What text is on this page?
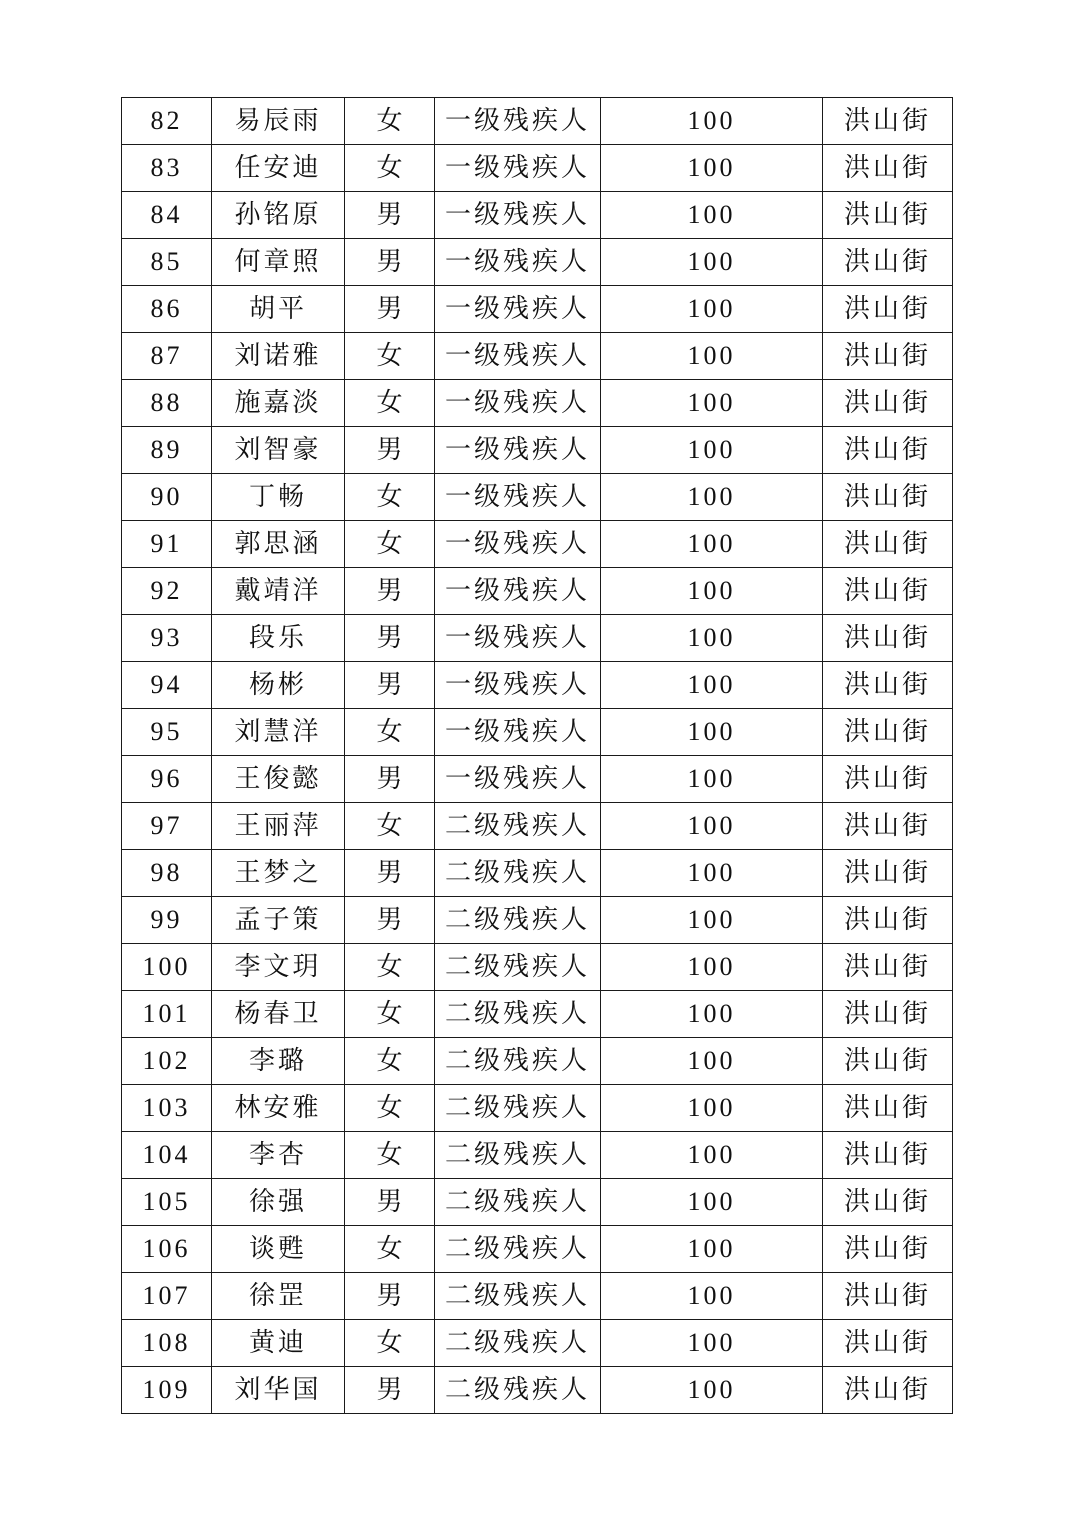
82	易辰雨	女	一级残疾人	100	洪山街
83	任安迪	女	一级残疾人	100	洪山街
84	孙铭原	男	一级残疾人	100	洪山街
85	何章照	男	一级残疾人	100	洪山街
86	胡平	男	一级残疾人	100	洪山街
87	刘诺雅	女	一级残疾人	100	洪山街
88	施嘉淡	女	一级残疾人	100	洪山街
89	刘智豪	男	一级残疾人	100	洪山街
90	丁畅	女	一级残疾人	100	洪山街
91	郭思涵	女	一级残疾人	100	洪山街
92	戴靖洋	男	一级残疾人	100	洪山街
93	段乐	男	一级残疾人	100	洪山街
94	杨彬	男	一级残疾人	100	洪山街
95	刘慧洋	女	一级残疾人	100	洪山街
96	王俊懿	男	一级残疾人	100	洪山街
97	王丽萍	女	二级残疾人	100	洪山街
98	王梦之	男	二级残疾人	100	洪山街
99	孟子策	男	二级残疾人	100	洪山街
100	李文玥	女	二级残疾人	100	洪山街
101	杨春卫	女	二级残疾人	100	洪山街
102	李璐	女	二级残疾人	100	洪山街
103	林安雅	女	二级残疾人	100	洪山街
104	李杏	女	二级残疾人	100	洪山街
105	徐强	男	二级残疾人	100	洪山街
106	谈甦	女	二级残疾人	100	洪山街
107	徐罡	男	二级残疾人	100	洪山街
108	黄迪	女	二级残疾人	100	洪山街
109	刘华国	男	二级残疾人	100	洪山街
